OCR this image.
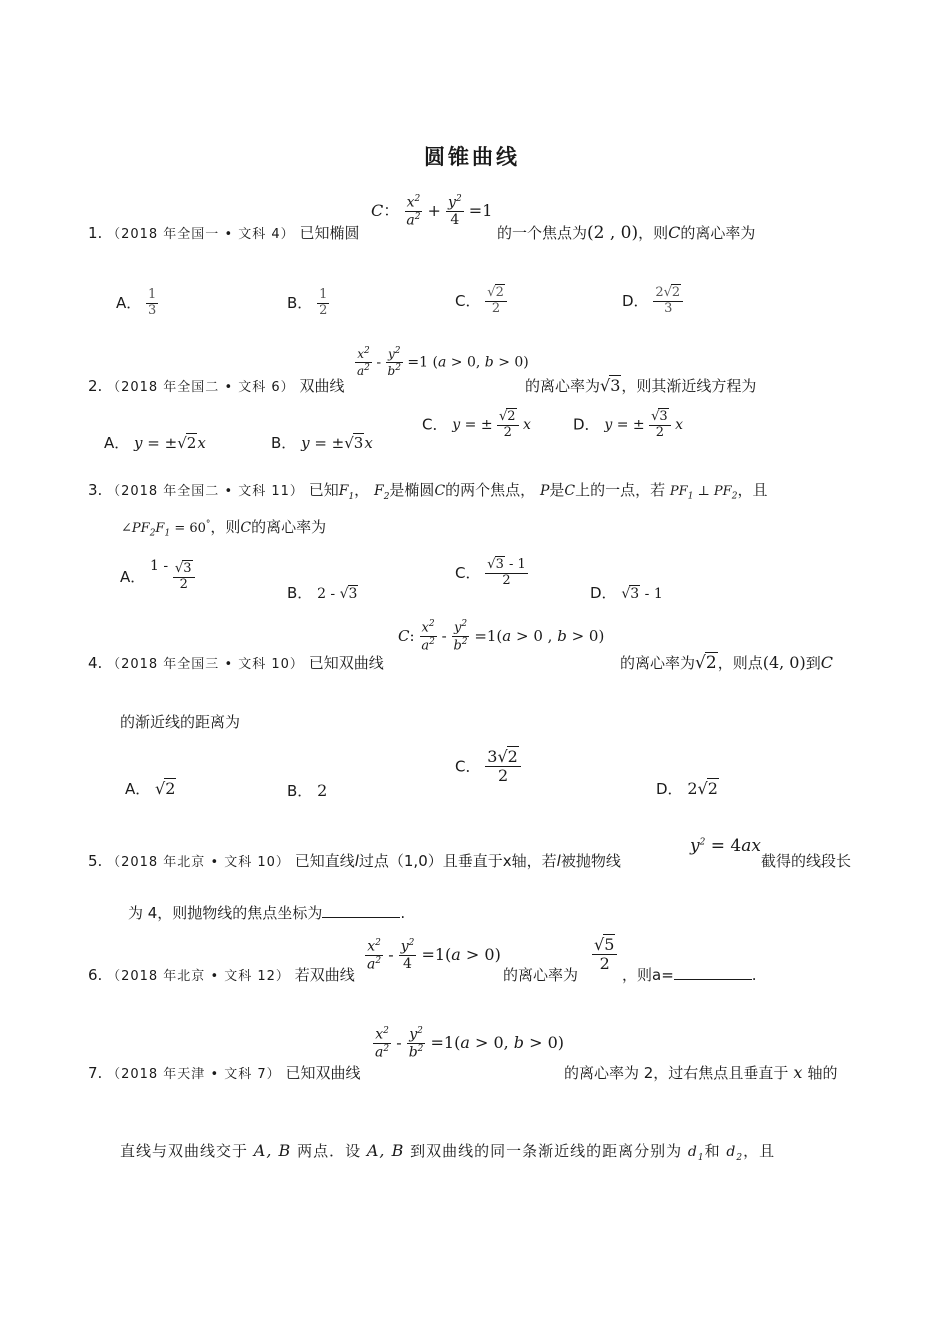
圆锥曲线
1. （2018 年全国一 • 文科 4） 已知椭圆
C： $\frac{x^2}{a^2} + \frac{y^2}{4} =1$
的一个焦点为(2 , 0)，则C的离心率为
A． $\frac{1}{3}$	B． $\frac{1}{2}$	C． $\frac{√2}{2}$	D． $\frac{2√2}{3}$
2. （2018 年全国二 • 文科 6） 双曲线
$\frac{x^2}{a^2} - \frac{y^2}{b^2} =1$ (a > 0, b > 0)
的离心率为√3，则其渐近线方程为
A． y = ±√2x	B． y = ±√3x
C． y = ± $\frac{√2}{2}$ x	D． y = ± $\frac{√3}{2}$ x
3. （2018 年全国二 • 文科 11） 已知$F_1$， $F_2$是椭圆C的两个焦点， P是C上的一点，若 $PF_1$ ⊥ $PF_2$，且
$\angle PF_2F_1 = 60^\circ$，则C的离心率为
A． $1 - \frac{√3}{2}$
B． 2 - √3
C． $\frac{√3 - 1}{2}$
D． √3 - 1
4. （2018 年全国三 • 文科 10） 已知双曲线
C: $\frac{x^2}{a^2} - \frac{y^2}{b^2} =1(a > 0$ , b > 0)
的离心率为√2，则点(4, 0)到C
的渐近线的距离为
A． √2	B． 2
C． $\frac{3√2}{2}$
D． 2√2
5. （2018 年北京 • 文科 10） 已知直线l过点（1,0）且垂直于x轴，若l被抛物线
$y^2 = 4ax$
截得的线段长
为 4，则抛物线的焦点坐标为	.
6. （2018 年北京 • 文科 12） 若双曲线
$\frac{x^2}{a^2} - \frac{y^2}{4} =1(a > 0)$
的离心率为
$\frac{√5}{2}$
，则a=	.
7. （2018 年天津 • 文科 7） 已知双曲线
$\frac{x^2}{a^2} - \frac{y^2}{b^2} =1(a > 0$, b > 0)
的离心率为 2，过右焦点且垂直于 x 轴的
直线与双曲线交于 A, B 两点．设 A, B 到双曲线的同一条渐近线的距离分别为 $d_1$和 $d_2$，且
